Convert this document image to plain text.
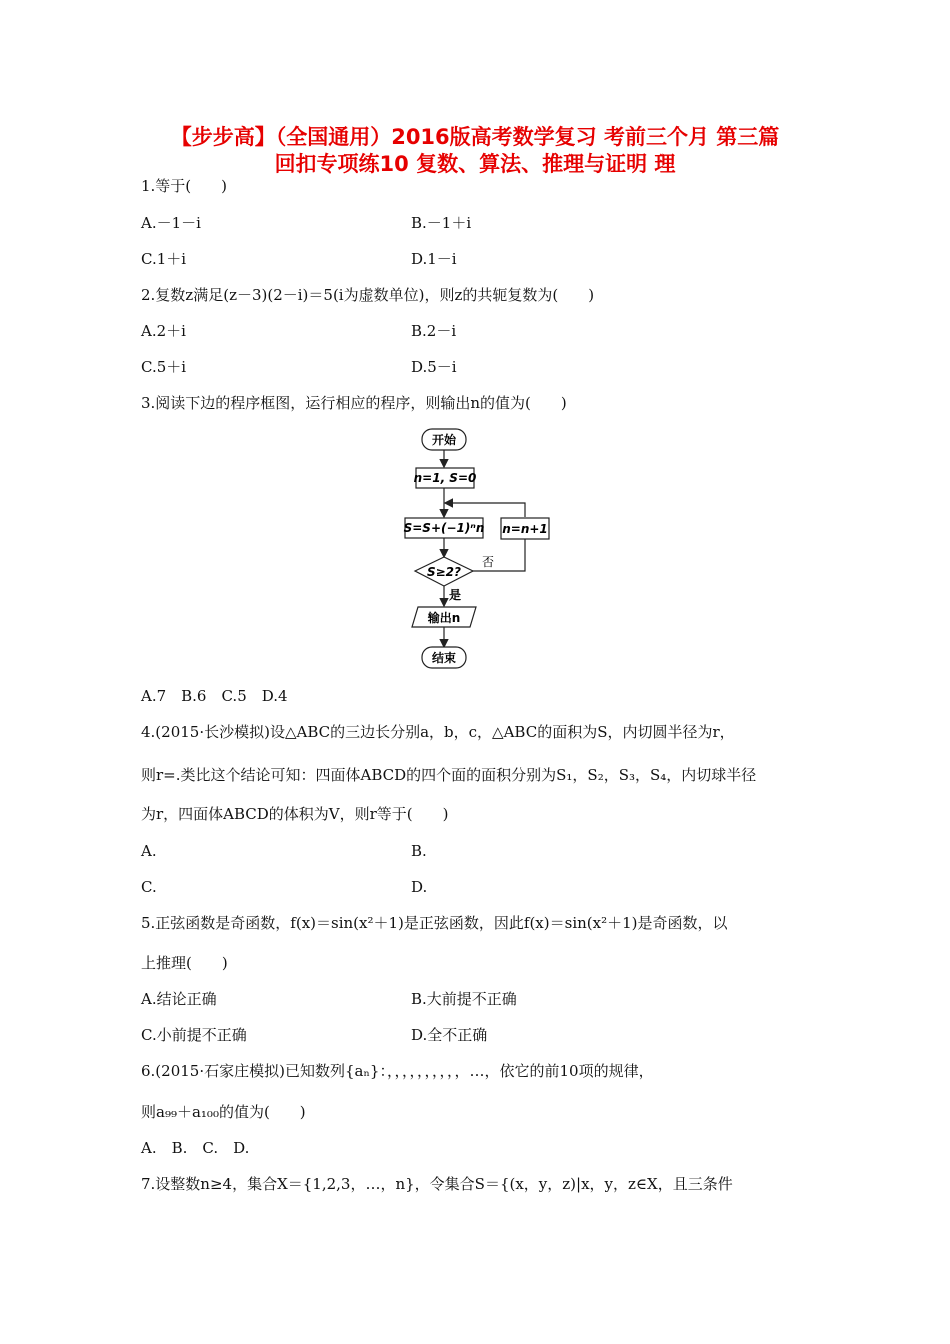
【步步高】（全国通用）2016版高考数学复习 考前三个月 第三篇
回扣专项练10 复数、算法、推理与证明 理
1.等于(　　)
A.－1－i	B.－1＋i
C.1＋i	D.1－i
2.复数z满足(z－3)(2－i)＝5(i为虚数单位)，则z的共轭复数为(　　)
A.2＋i	B.2－i
C.5＋i	D.5－i
3.阅读下边的程序框图，运行相应的程序，则输出n的值为(　　)
开始
n=1, S=0
S=S+(−1)ⁿn n=n+1
S≥2?
否
是
输出n
结束
A.7　B.6　C.5　D.4
4.(2015·长沙模拟)设△ABC的三边长分别a，b，c，△ABC的面积为S，内切圆半径为r，
则r=.类比这个结论可知：四面体ABCD的四个面的面积分别为S₁，S₂，S₃，S₄，内切球半径
为r，四面体ABCD的体积为V，则r等于(　　)
A.	B.
C.	D.
5.正弦函数是奇函数，f(x)＝sin(x²＋1)是正弦函数，因此f(x)＝sin(x²＋1)是奇函数，以
上推理(　　)
A.结论正确	B.大前提不正确
C.小前提不正确	D.全不正确
6.(2015·石家庄模拟)已知数列{aₙ}：，，，，，，，，，，…，依它的前10项的规律，
则a₉₉＋a₁₀₀的值为(　　)
A.　B.　C.　D.
7.设整数n≥4，集合X＝{1,2,3，…，n}，令集合S＝{(x，y，z)|x，y，z∈X，且三条件
